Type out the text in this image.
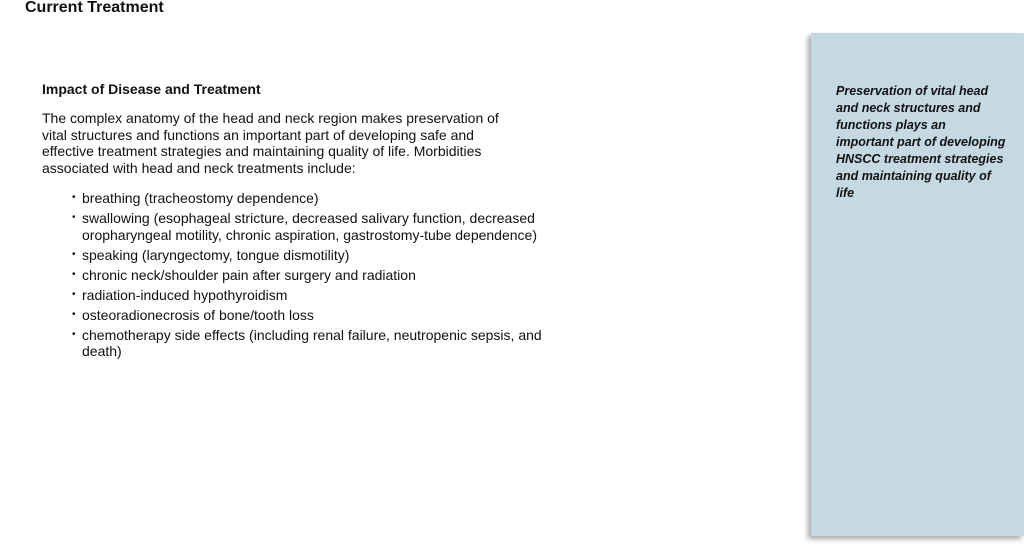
Current Treatment
Impact of Disease and Treatment

The complex anatomy of the head and neck region makes preservation of vital structures and functions an important part of developing safe and effective treatment strategies and maintaining quality of life. Morbidities associated with head and neck treatments include:

• breathing (tracheostomy dependence)
• swallowing (esophageal stricture, decreased salivary function, decreased oropharyngeal motility, chronic aspiration, gastrostomy-tube dependence)
• speaking (laryngectomy, tongue dismotility)
• chronic neck/shoulder pain after surgery and radiation
• radiation-induced hypothyroidism
• osteoradionecrosis of bone/tooth loss
• chemotherapy side effects (including renal failure, neutropenic sepsis, and death)

Preservation of vital head and neck structures and functions plays an important part of developing HNSCC treatment strategies and maintaining quality of life
